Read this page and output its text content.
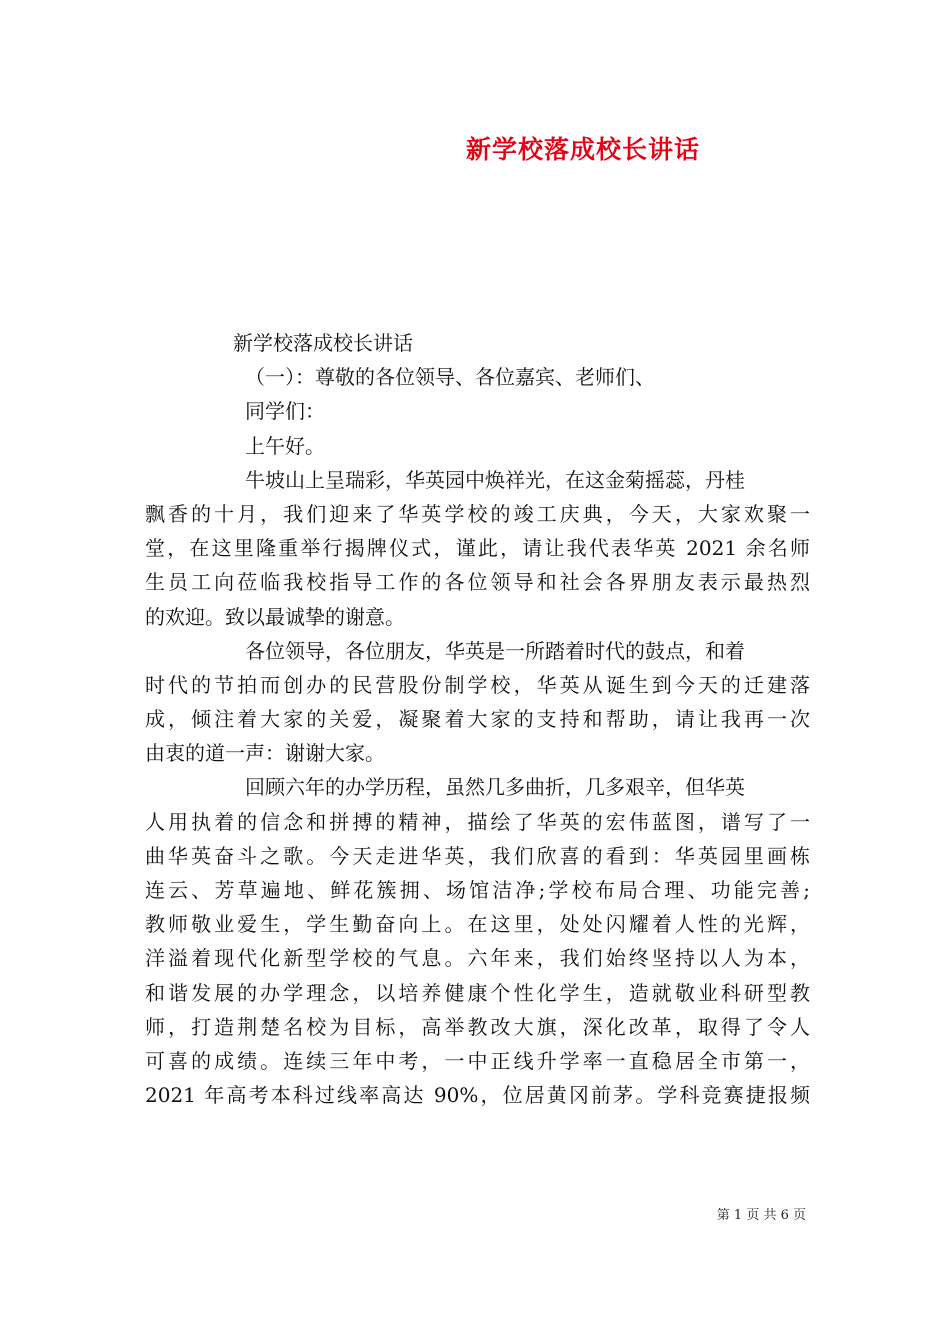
新学校落成校长讲话
新学校落成校长讲话
（一）：尊敬的各位领导、各位嘉宾、老师们、
同学们：
上午好。
牛坡山上呈瑞彩，华英园中焕祥光，在这金菊摇蕊，丹桂
飘香的十月，我们迎来了华英学校的竣工庆典，今天，大家欢聚一
堂，在这里隆重举行揭牌仪式，谨此，请让我代表华英 2021 余名师
生员工向莅临我校指导工作的各位领导和社会各界朋友表示最热烈
的欢迎。致以最诚挚的谢意。
各位领导，各位朋友，华英是一所踏着时代的鼓点，和着
时代的节拍而创办的民营股份制学校，华英从诞生到今天的迁建落
成，倾注着大家的关爱，凝聚着大家的支持和帮助，请让我再一次
由衷的道一声：谢谢大家。
回顾六年的办学历程，虽然几多曲折，几多艰辛，但华英
人用执着的信念和拼搏的精神，描绘了华英的宏伟蓝图，谱写了一
曲华英奋斗之歌。今天走进华英，我们欣喜的看到：华英园里画栋
连云、芳草遍地、鲜花簇拥、场馆洁净;学校布局合理、功能完善;
教师敬业爱生，学生勤奋向上。在这里，处处闪耀着人性的光辉，
洋溢着现代化新型学校的气息。六年来，我们始终坚持以人为本，
和谐发展的办学理念，以培养健康个性化学生，造就敬业科研型教
师，打造荆楚名校为目标，高举教改大旗，深化改革，取得了令人
可喜的成绩。连续三年中考，一中正线升学率一直稳居全市第一，
2021 年高考本科过线率高达 90%，位居黄冈前茅。学科竞赛捷报频
第 1 页 共 6 页
